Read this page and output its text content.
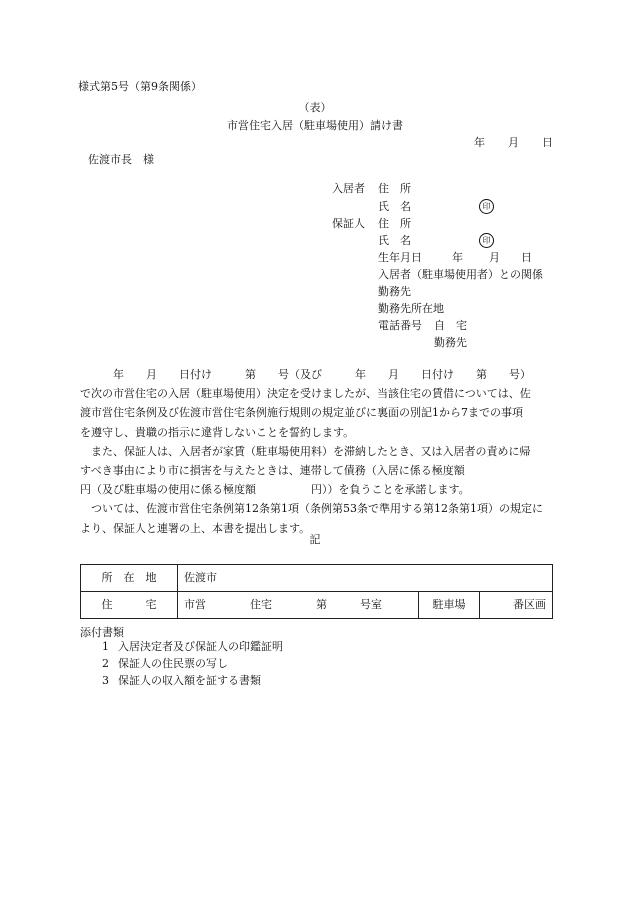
様式第5号（第9条関係）
（表）
市営住宅入居（駐車場使用）請け書
年 月 日
佐渡市長　様
入居者 住　所
氏　名	印
保証人 住　所
氏　名	印
生年月日	年 月 日
入居者（駐車場使用者）との関係
勤務先
勤務先所在地
電話番号 自　宅
勤務先
　　　年　　月　　日付け　　　第　　号（及び　　　年　　月　　日付け　　第　　号）
で次の市営住宅の入居（駐車場使用）決定を受けましたが、当該住宅の賃借については、佐
渡市営住宅条例及び佐渡市営住宅条例施行規則の規定並びに裏面の別記1から7までの事項
を遵守し、貴職の指示に違背しないことを誓約します。
　また、保証人は、入居者が家賃（駐車場使用料）を滞納したとき、又は入居者の責めに帰
すべき事由により市に損害を与えたときは、連帯して債務（入居に係る極度額
円（及び駐車場の使用に係る極度額　　　　　円））を負うことを承諾します。
　ついては、佐渡市営住宅条例第12条第1項（条例第53条で準用する第12条第1項）の規定に
より、保証人と連署の上、本書を提出します。
記
所　在　地	佐渡市		
住　　　宅	市営　　　　住宅　　　　第　　　号室	駐車場	番区画
添付書類
1 入居決定者及び保証人の印鑑証明
2 保証人の住民票の写し
3 保証人の収入額を証する書類
